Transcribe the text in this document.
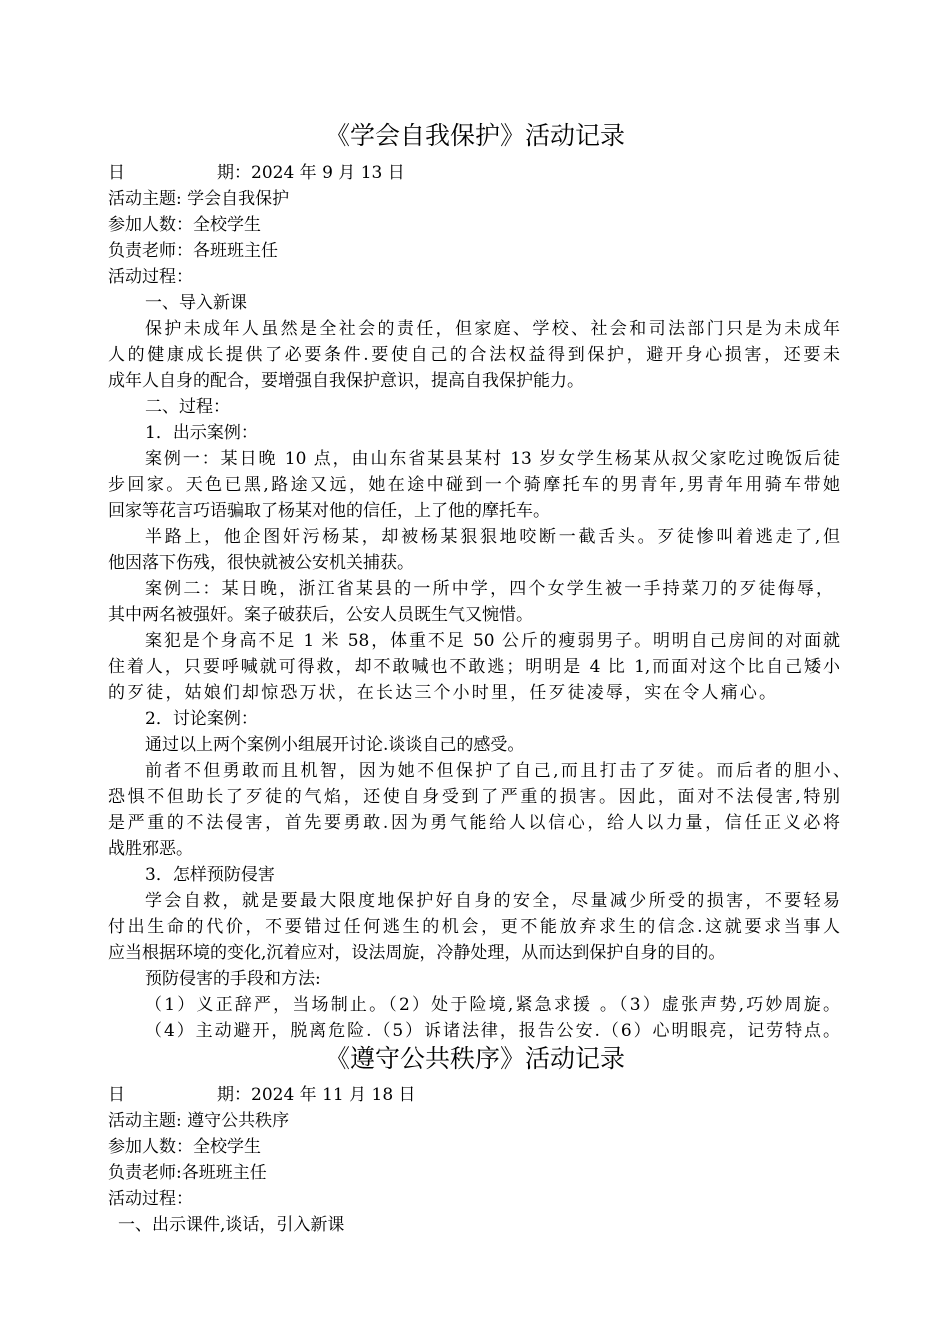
《学会自我保护》活动记录
日	期：2024 年 9 月 13 日
活动主题: 学会自我保护
参加人数：全校学生
负责老师：各班班主任
活动过程：
一、导入新课
保护未成年人虽然是全社会的责任，但家庭、学校、社会和司法部门只是为未成年
人的健康成长提供了必要条件.要使自己的合法权益得到保护，避开身心损害，还要未
成年人自身的配合，要增强自我保护意识，提高自我保护能力。
二、过程：
1．出示案例：
案例一：某日晚 10 点，由山东省某县某村 13 岁女学生杨某从叔父家吃过晚饭后徒
步回家。天色已黑,路途又远，她在途中碰到一个骑摩托车的男青年,男青年用骑车带她
回家等花言巧语骗取了杨某对他的信任，上了他的摩托车。
半路上，他企图奸污杨某，却被杨某狠狠地咬断一截舌头。歹徒惨叫着逃走了,但
他因落下伤残，很快就被公安机关捕获。
案例二：某日晚，浙江省某县的一所中学，四个女学生被一手持菜刀的歹徒侮辱，
其中两名被强奸。案子破获后，公安人员既生气又惋惜。
案犯是个身高不足 1 米 58，体重不足 50 公斤的瘦弱男子。明明自己房间的对面就
住着人，只要呼喊就可得救，却不敢喊也不敢逃；明明是 4 比 1,而面对这个比自己矮小
的歹徒，姑娘们却惊恐万状，在长达三个小时里，任歹徒凌辱，实在令人痛心。
2．讨论案例：
通过以上两个案例小组展开讨论.谈谈自己的感受。
前者不但勇敢而且机智，因为她不但保护了自己,而且打击了歹徒。而后者的胆小、
恐惧不但助长了歹徒的气焰，还使自身受到了严重的损害。因此，面对不法侵害,特别
是严重的不法侵害，首先要勇敢.因为勇气能给人以信心，给人以力量，信任正义必将
战胜邪恶。
3．怎样预防侵害
学会自救，就是要最大限度地保护好自身的安全，尽量减少所受的损害，不要轻易
付出生命的代价，不要错过任何逃生的机会，更不能放弃求生的信念.这就要求当事人
应当根据环境的变化,沉着应对，设法周旋，冷静处理，从而达到保护自身的目的。
预防侵害的手段和方法:
（1）义正辞严，当场制止。（2）处于险境,紧急求援 。（3）虚张声势,巧妙周旋。
（4）主动避开，脱离危险.（5）诉诸法律，报告公安.（6）心明眼亮，记劳特点。
《遵守公共秩序》活动记录
日	期：2024 年 11 月 18 日
活动主题: 遵守公共秩序
参加人数：全校学生
负责老师:各班班主任
活动过程：
一、出示课件,谈话，引入新课
